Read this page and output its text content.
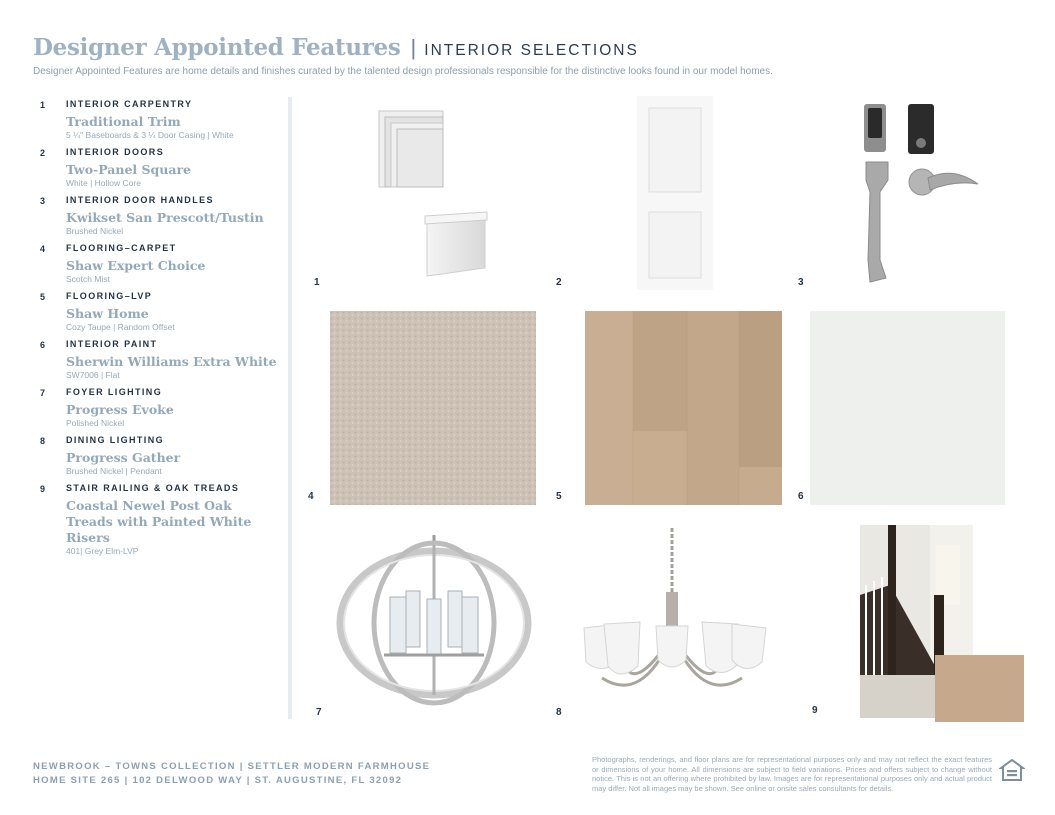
Designer Appointed Features | INTERIOR SELECTIONS
Designer Appointed Features are home details and finishes curated by the talented design professionals responsible for the distinctive looks found in our model homes.
1 INTERIOR CARPENTRY
Traditional Trim
5 ¼" Baseboards & 3 ¼ Door Casing | White
2 INTERIOR DOORS
Two-Panel Square
White | Hollow Core
3 INTERIOR DOOR HANDLES
Kwikset San Prescott/Tustin
Brushed Nickel
4 FLOORING–CARPET
Shaw Expert Choice
Scotch Mist
5 FLOORING–LVP
Shaw Home
Cozy Taupe | Random Offset
6 INTERIOR PAINT
Sherwin Williams Extra White
SW7006 | Flat
7 FOYER LIGHTING
Progress Evoke
Polished Nickel
8 DINING LIGHTING
Progress Gather
Brushed Nickel | Pendant
9 STAIR RAILING & OAK TREADS
Coastal Newel Post Oak Treads with Painted White Risers
401| Grey Elm-LVP
1	2	3
4	5	6
7	8	9
NEWBROOK – TOWNS COLLECTION | SETTLER MODERN FARMHOUSE
HOME SITE 265 | 102 DELWOOD WAY | ST. AUGUSTINE, FL 32092
Photographs, renderings, and floor plans are for representational purposes only and may not reflect the exact features or dimensions of your home. All dimensions are subject to field variations. Prices and offers subject to change without notice. This is not an offering where prohibited by law. Images are for representational purposes only and actual product may differ. Not all images may be shown. See online or onsite sales consultants for details.
